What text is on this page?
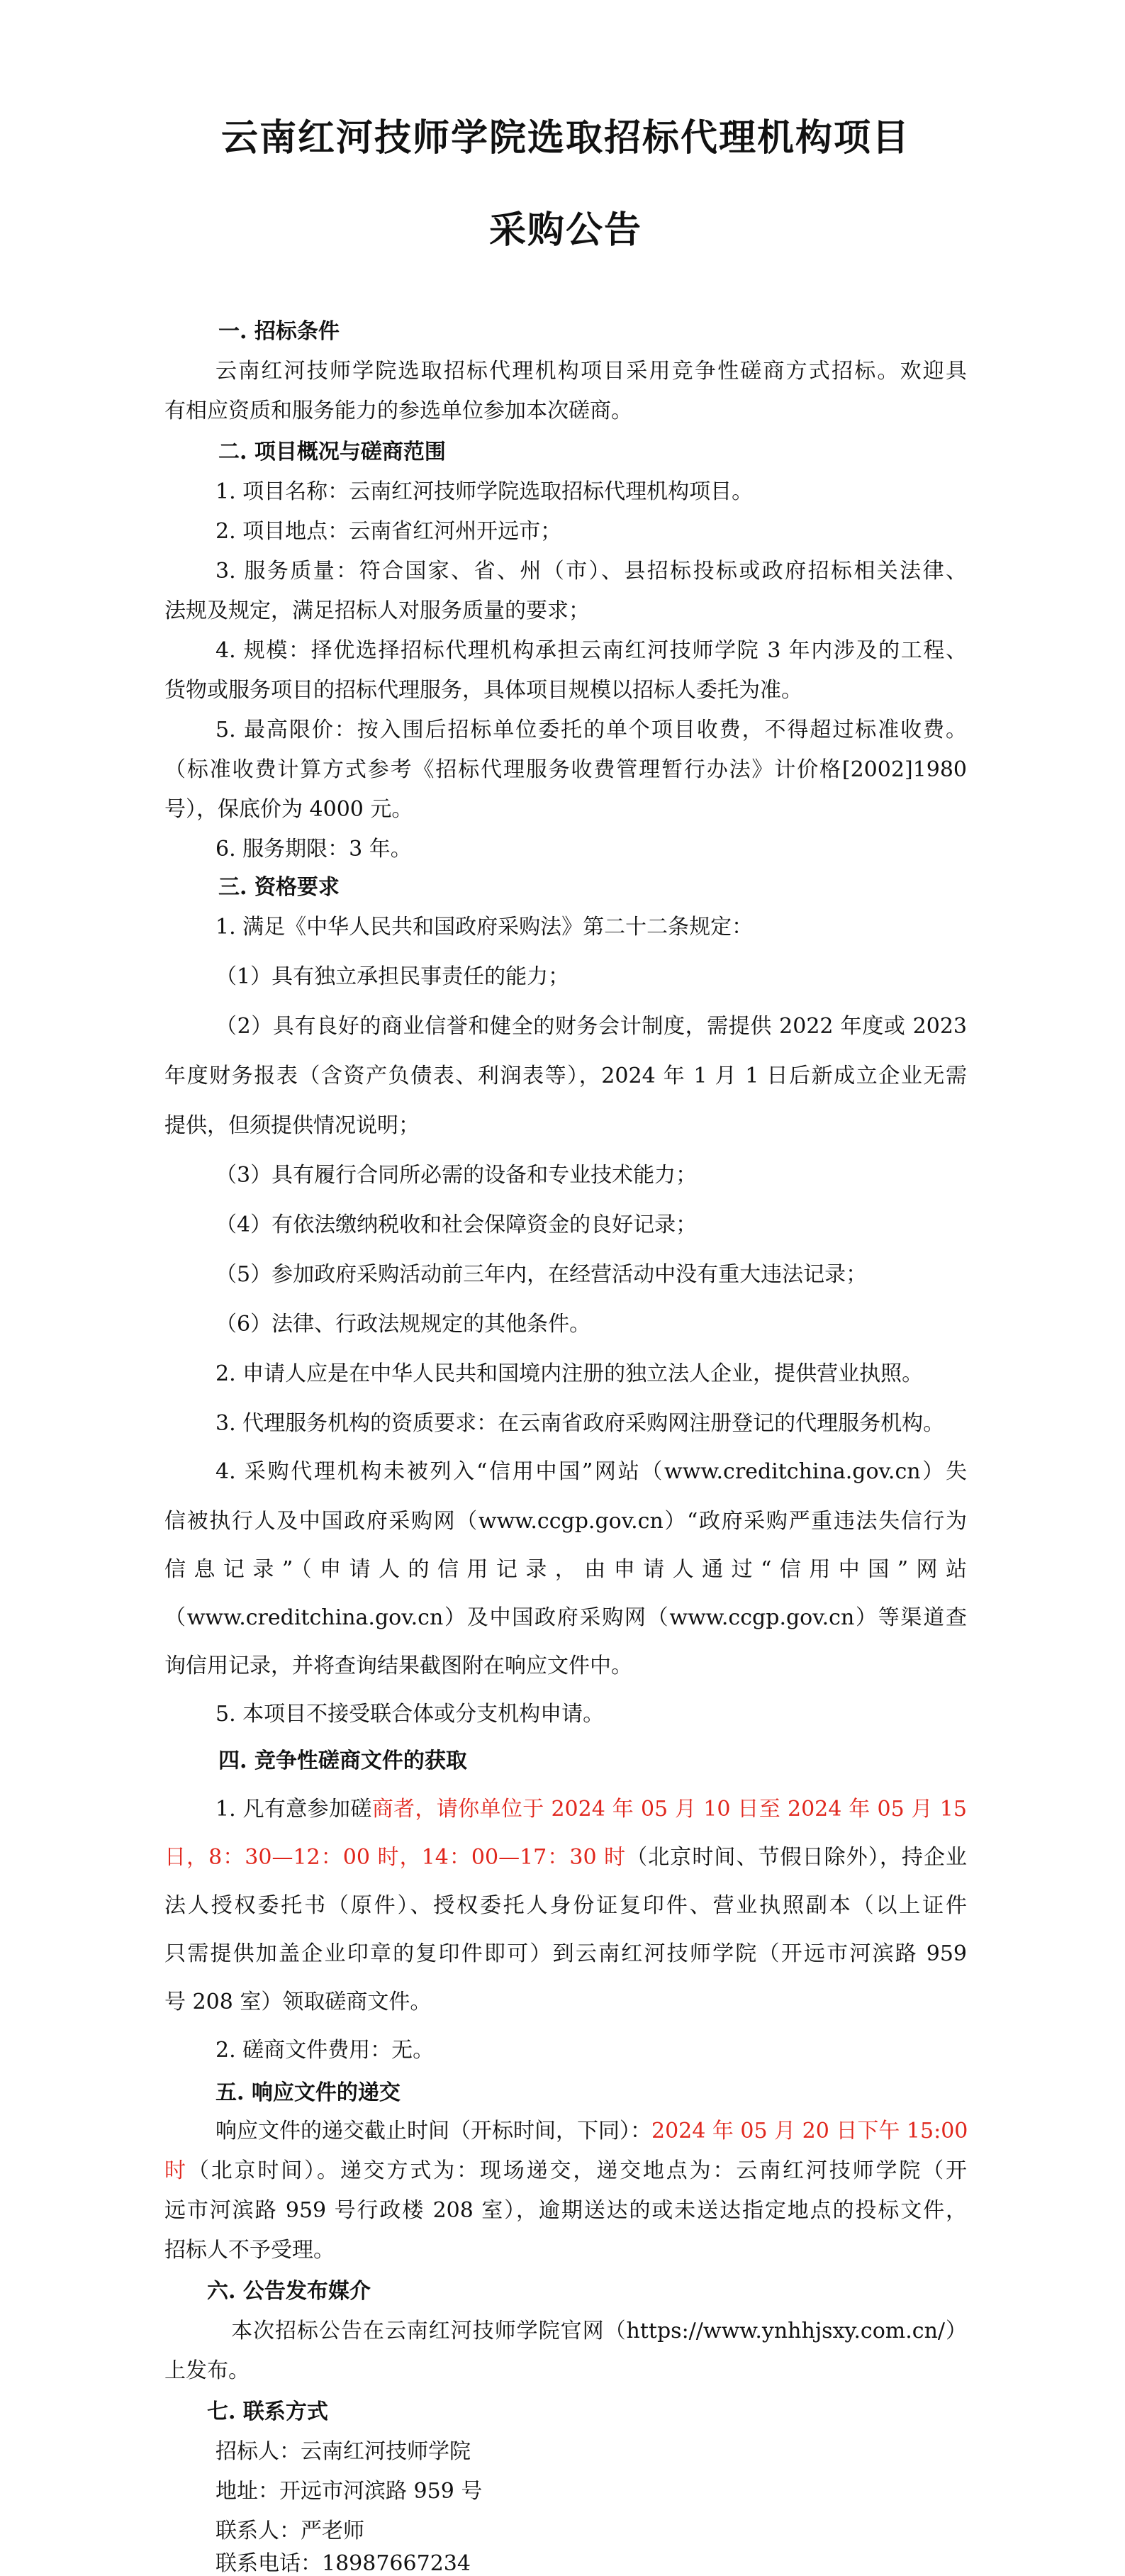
云南红河技师学院选取招标代理机构项目
采购公告
一. 招标条件
云南红河技师学院选取招标代理机构项目采用竞争性磋商方式招标。欢迎具
有相应资质和服务能力的参选单位参加本次磋商。
二. 项目概况与磋商范围
1. 项目名称：云南红河技师学院选取招标代理机构项目。
2. 项目地点：云南省红河州开远市；
3. 服务质量：符合国家、省、州（市）、县招标投标或政府招标相关法律、
法规及规定，满足招标人对服务质量的要求；
4. 规模：择优选择招标代理机构承担云南红河技师学院 3 年内涉及的工程、
货物或服务项目的招标代理服务，具体项目规模以招标人委托为准。
5. 最高限价：按入围后招标单位委托的单个项目收费，不得超过标准收费。
（标准收费计算方式参考《招标代理服务收费管理暂行办法》计价格[2002]1980
号），保底价为 4000 元。
6. 服务期限：3 年。
三. 资格要求
1. 满足《中华人民共和国政府采购法》第二十二条规定：
（1）具有独立承担民事责任的能力；
（2）具有良好的商业信誉和健全的财务会计制度，需提供 2022 年度或 2023
年度财务报表（含资产负债表、利润表等），2024 年 1 月 1 日后新成立企业无需
提供，但须提供情况说明；
（3）具有履行合同所必需的设备和专业技术能力；
（4）有依法缴纳税收和社会保障资金的良好记录；
（5）参加政府采购活动前三年内，在经营活动中没有重大违法记录；
（6）法律、行政法规规定的其他条件。
2. 申请人应是在中华人民共和国境内注册的独立法人企业，提供营业执照。
3. 代理服务机构的资质要求：在云南省政府采购网注册登记的代理服务机构。
4. 采购代理机构未被列入“信用中国”网站（www.creditchina.gov.cn）失
信被执行人及中国政府采购网（www.ccgp.gov.cn）“政府采购严重违法失信行为
信息记录”（申请人的信用记录，由申请人通过“信用中国”网站
（www.creditchina.gov.cn）及中国政府采购网（www.ccgp.gov.cn）等渠道查
询信用记录，并将查询结果截图附在响应文件中。
5. 本项目不接受联合体或分支机构申请。
四. 竞争性磋商文件的获取
1. 凡有意参加磋商者，请你单位于 2024 年 05 月 10 日至 2024 年 05 月 15
日，8：30—12：00 时，14：00—17：30 时（北京时间、节假日除外），持企业
法人授权委托书（原件）、授权委托人身份证复印件、营业执照副本（以上证件
只需提供加盖企业印章的复印件即可）到云南红河技师学院（开远市河滨路 959
号 208 室）领取磋商文件。
2. 磋商文件费用：无。
五. 响应文件的递交
响应文件的递交截止时间（开标时间，下同）：2024 年 05 月 20 日下午 15:00
时（北京时间）。递交方式为：现场递交，递交地点为：云南红河技师学院（开
远市河滨路 959 号行政楼 208 室），逾期送达的或未送达指定地点的投标文件，
招标人不予受理。
六. 公告发布媒介
本次招标公告在云南红河技师学院官网（https://www.ynhhjsxy.com.cn/）
上发布。
七. 联系方式
招标人：云南红河技师学院
地址：开远市河滨路 959 号
联系人：严老师
联系电话：18987667234
